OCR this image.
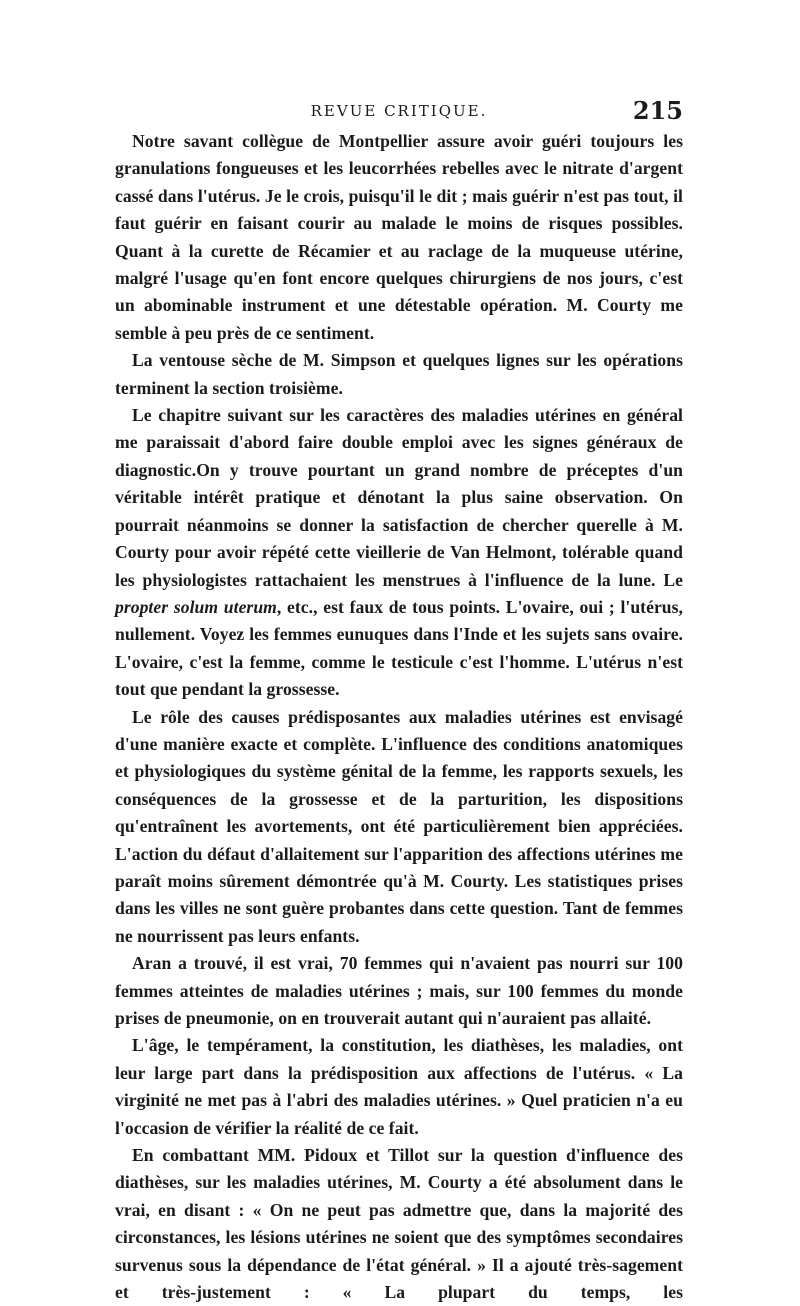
REVUE CRITIQUE.	215

Notre savant collègue de Montpellier assure avoir guéri toujours les granulations fongueuses et les leucorrhées rebelles avec le nitrate d'argent cassé dans l'utérus. Je le crois, puisqu'il le dit ; mais guérir n'est pas tout, il faut guérir en faisant courir au malade le moins de risques possibles. Quant à la curette de Récamier et au raclage de la muqueuse utérine, malgré l'usage qu'en font encore quelques chirurgiens de nos jours, c'est un abominable instrument et une détestable opération. M. Courty me semble à peu près de ce sentiment.

La ventouse sèche de M. Simpson et quelques lignes sur les opérations terminent la section troisième.

Le chapitre suivant sur les caractères des maladies utérines en général me paraissait d'abord faire double emploi avec les signes généraux de diagnostic.On y trouve pourtant un grand nombre de préceptes d'un véritable intérêt pratique et dénotant la plus saine observation. On pourrait néanmoins se donner la satisfaction de chercher querelle à M. Courty pour avoir répété cette vieillerie de Van Helmont, tolérable quand les physiologistes rattachaient les menstrues à l'influence de la lune. Le propter solum uterum, etc., est faux de tous points. L'ovaire, oui ; l'utérus, nullement. Voyez les femmes eunuques dans l'Inde et les sujets sans ovaire. L'ovaire, c'est la femme, comme le testicule c'est l'homme. L'utérus n'est tout que pendant la grossesse.

Le rôle des causes prédisposantes aux maladies utérines est envisagé d'une manière exacte et complète. L'influence des conditions anatomiques et physiologiques du système génital de la femme, les rapports sexuels, les conséquences de la grossesse et de la parturition, les dispositions qu'entraînent les avortements, ont été particulièrement bien appréciées. L'action du défaut d'allaitement sur l'apparition des affections utérines me paraît moins sûrement démontrée qu'à M. Courty. Les statistiques prises dans les villes ne sont guère probantes dans cette question. Tant de femmes ne nourrissent pas leurs enfants.

Aran a trouvé, il est vrai, 70 femmes qui n'avaient pas nourri sur 100 femmes atteintes de maladies utérines ; mais, sur 100 femmes du monde prises de pneumonie, on en trouverait autant qui n'auraient pas allaité.

L'âge, le tempérament, la constitution, les diathèses, les maladies, ont leur large part dans la prédisposition aux affections de l'utérus. « La virginité ne met pas à l'abri des maladies utérines. » Quel praticien n'a eu l'occasion de vérifier la réalité de ce fait.

En combattant MM. Pidoux et Tillot sur la question d'influence des diathèses, sur les maladies utérines, M. Courty a été absolument dans le vrai, en disant : « On ne peut pas admettre que, dans la majorité des circonstances, les lésions utérines ne soient que des symptômes secondaires survenus sous la dépendance de l'état général. » Il a ajouté très-sagement et très-justement : « La plupart du temps, les
